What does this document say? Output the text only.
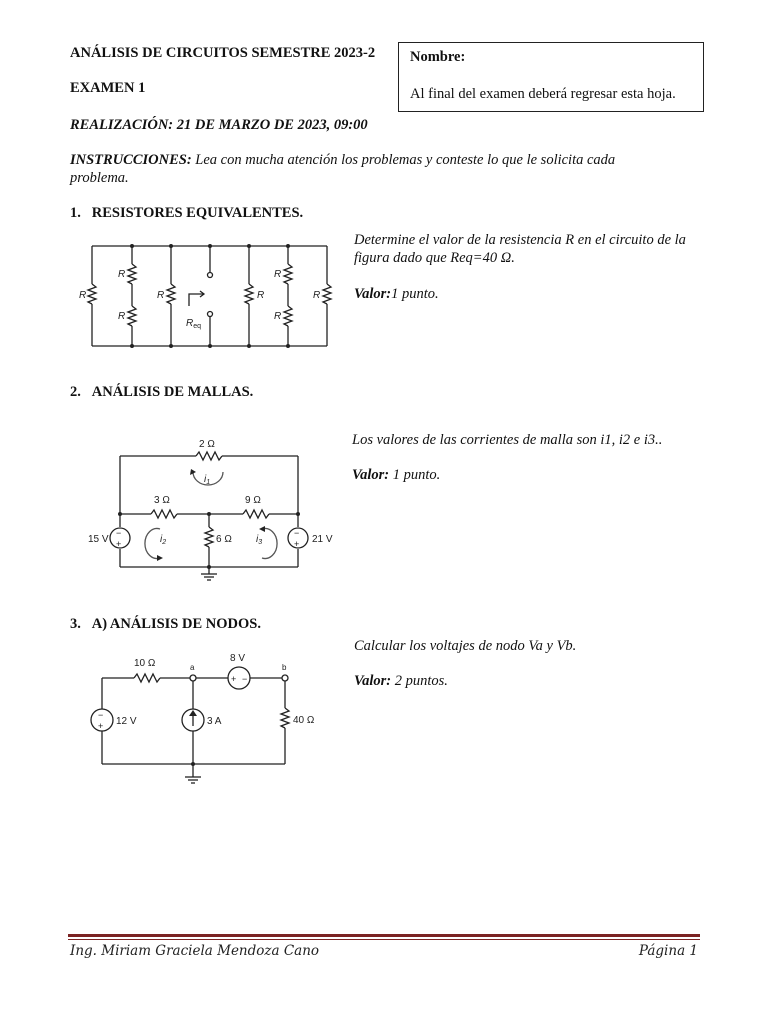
ANÁLISIS DE CIRCUITOS SEMESTRE 2023-2
EXAMEN 1
REALIZACIÓN: 21 DE MARZO DE 2023, 09:00
Nombre:
Al final del examen deberá regresar esta hoja.
INSTRUCCIONES: Lea con mucha atención los problemas y conteste lo que le solicita cada
problema.
1. RESISTORES EQUIVALENTES.
Determine el valor de la resistencia R en el circuito de la
figura dado que Req=40 Ω.
Valor:1 punto.
R
R
R
R	R
R
R
R
$R_{eq}$
2. ANÁLISIS DE MALLAS.
Los valores de las corrientes de malla son i1, i2 e i3..
Valor: 1 punto.
2 Ω
3 Ω	9 Ω
6 Ω
15 V	21 V
−
+
−
+
$i_1$
$i_2$	$i_3$
3. A) ANÁLISIS DE NODOS.
Calcular los voltajes de nodo Va y Vb.
Valor: 2 puntos.
10 Ω	8 V
a	b
12 V	3 A	40 Ω
+ −
−
+
Ing. Miriam Graciela Mendoza Cano	Página 1
